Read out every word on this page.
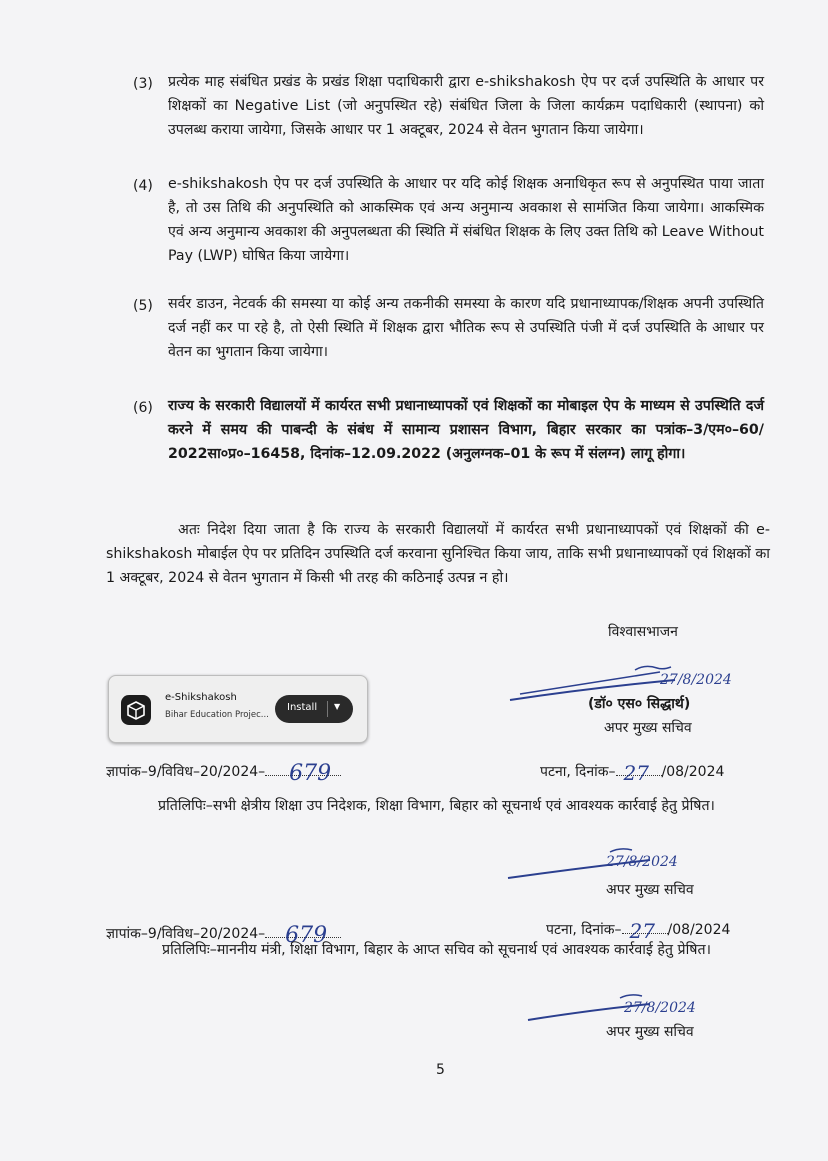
(3) प्रत्येक माह संबंधित प्रखंड के प्रखंड शिक्षा पदाधिकारी द्वारा e-shikshakosh ऐप पर दर्ज उपस्थिति के आधार पर शिक्षकों का Negative List (जो अनुपस्थित रहे) संबंधित जिला के जिला कार्यक्रम पदाधिकारी (स्थापना) को उपलब्ध कराया जायेगा, जिसके आधार पर 1 अक्टूबर, 2024 से वेतन भुगतान किया जायेगा।
(4) e-shikshakosh ऐप पर दर्ज उपस्थिति के आधार पर यदि कोई शिक्षक अनाधिकृत रूप से अनुपस्थित पाया जाता है, तो उस तिथि की अनुपस्थिति को आकस्मिक एवं अन्य अनुमान्य अवकाश से सामंजित किया जायेगा। आकस्मिक एवं अन्य अनुमान्य अवकाश की अनुपलब्धता की स्थिति में संबंधित शिक्षक के लिए उक्त तिथि को Leave Without Pay (LWP) घोषित किया जायेगा।
(5) सर्वर डाउन, नेटवर्क की समस्या या कोई अन्य तकनीकी समस्या के कारण यदि प्रधानाध्यापक/शिक्षक अपनी उपस्थिति दर्ज नहीं कर पा रहे है, तो ऐसी स्थिति में शिक्षक द्वारा भौतिक रूप से उपस्थिति पंजी में दर्ज उपस्थिति के आधार पर वेतन का भुगतान किया जायेगा।
(6) राज्य के सरकारी विद्यालयों में कार्यरत सभी प्रधानाध्यापकों एवं शिक्षकों का मोबाइल ऐप के माध्यम से उपस्थिति दर्ज करने में समय की पाबन्दी के संबंध में सामान्य प्रशासन विभाग, बिहार सरकार का पत्रांक–3/एम०–60/ 2022सा०प्र०–16458, दिनांक–12.09.2022 (अनुलग्नक–01 के रूप में संलग्न) लागू होगा।
अतः निदेश दिया जाता है कि राज्य के सरकारी विद्यालयों में कार्यरत सभी प्रधानाध्यापकों एवं शिक्षकों की e-shikshakosh मोबाईल ऐप पर प्रतिदिन उपस्थिति दर्ज करवाना सुनिश्चित किया जाय, ताकि सभी प्रधानाध्यापकों एवं शिक्षकों का 1 अक्टूबर, 2024 से वेतन भुगतान में किसी भी तरह की कठिनाई उत्पन्न न हो।
विश्वासभाजन
27/8/2024
(डॉ० एस० सिद्धार्थ)
अपर मुख्य सचिव
e-Shikshakosh
Bihar Education Projec...
Install ▼
ज्ञापांक–9/विविध–20/2024– 679	पटना, दिनांक– 27 /08/2024
प्रतिलिपिः–सभी क्षेत्रीय शिक्षा उप निदेशक, शिक्षा विभाग, बिहार को सूचनार्थ एवं आवश्यक कार्रवाई हेतु प्रेषित।
27/8/2024
अपर मुख्य सचिव
ज्ञापांक–9/विविध–20/2024– 679	पटना, दिनांक– 27 /08/2024
प्रतिलिपिः–माननीय मंत्री, शिक्षा विभाग, बिहार के आप्त सचिव को सूचनार्थ एवं आवश्यक कार्रवाई हेतु प्रेषित।
27/8/2024
अपर मुख्य सचिव
5
